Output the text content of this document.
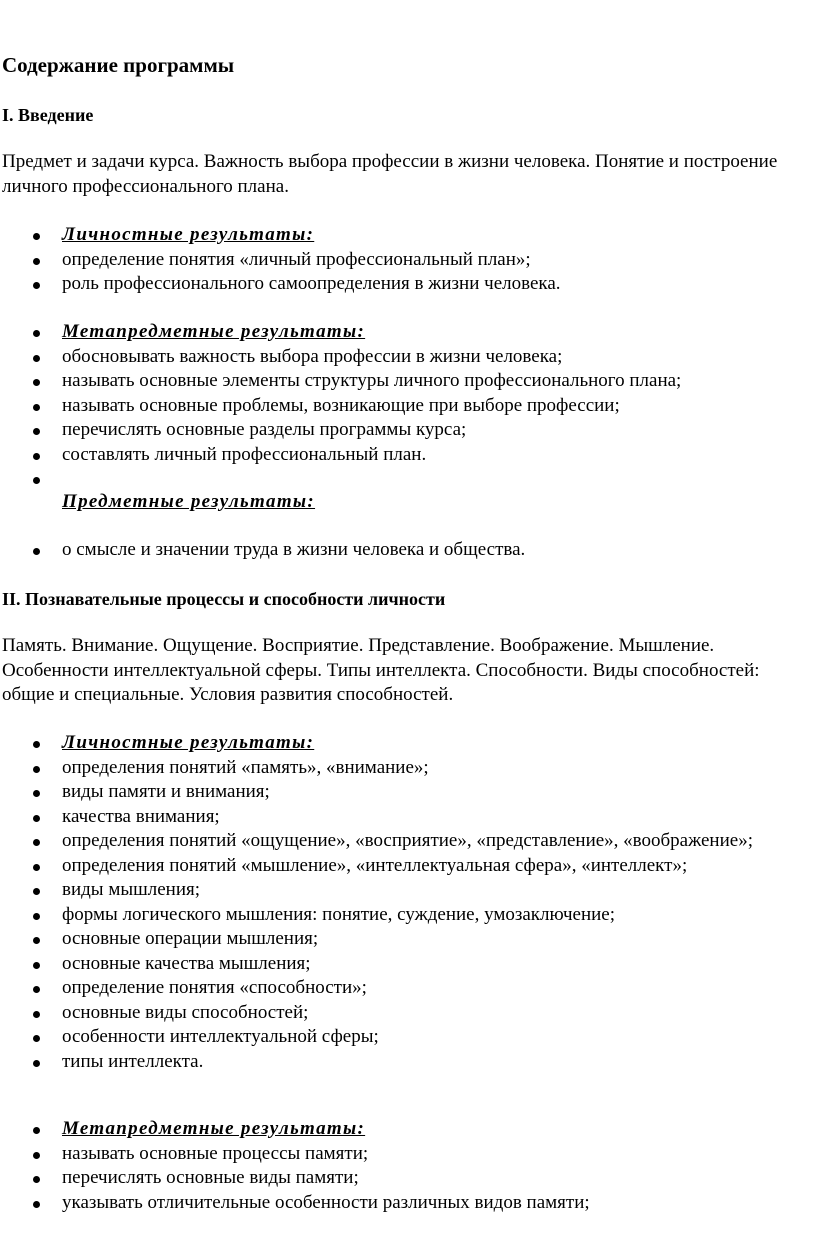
Содержание программы
I. Введение

Предмет и задачи курса. Важность выбора профессии в жизни человека. Понятие и построение личного профессионального плана.

Личностные результаты:
определение понятия «личный профессиональный план»;
роль профессионального самоопределения в жизни человека.
Метапредметные результаты:
обосновывать важность выбора профессии в жизни человека;
называть основные элементы структуры личного профессионального плана;
называть основные проблемы, возникающие при выборе профессии;
перечислять основные разделы программы курса;
составлять личный профессиональный план.
Предметные результаты:
о смысле и значении труда в жизни человека и общества.
II. Познавательные процессы и способности личности

Память. Внимание. Ощущение. Восприятие. Представление. Воображение. Мышление. Особенности интеллектуальной сферы. Типы интеллекта. Способности. Виды способностей: общие и специальные. Условия развития способностей.

Личностные результаты:
определения понятий «память», «внимание»;
виды памяти и внимания;
качества внимания;
определения понятий «ощущение», «восприятие», «представление», «воображение»;
определения понятий «мышление», «интеллектуальная сфера», «интеллект»;
виды мышления;
формы логического мышления: понятие, суждение, умозаключение;
основные операции мышления;
основные качества мышления;
определение понятия «способности»;
основные виды способностей;
особенности интеллектуальной сферы;
типы интеллекта.
Метапредметные результаты:
называть основные процессы памяти;
перечислять основные виды памяти;
указывать отличительные особенности различных видов памяти;
